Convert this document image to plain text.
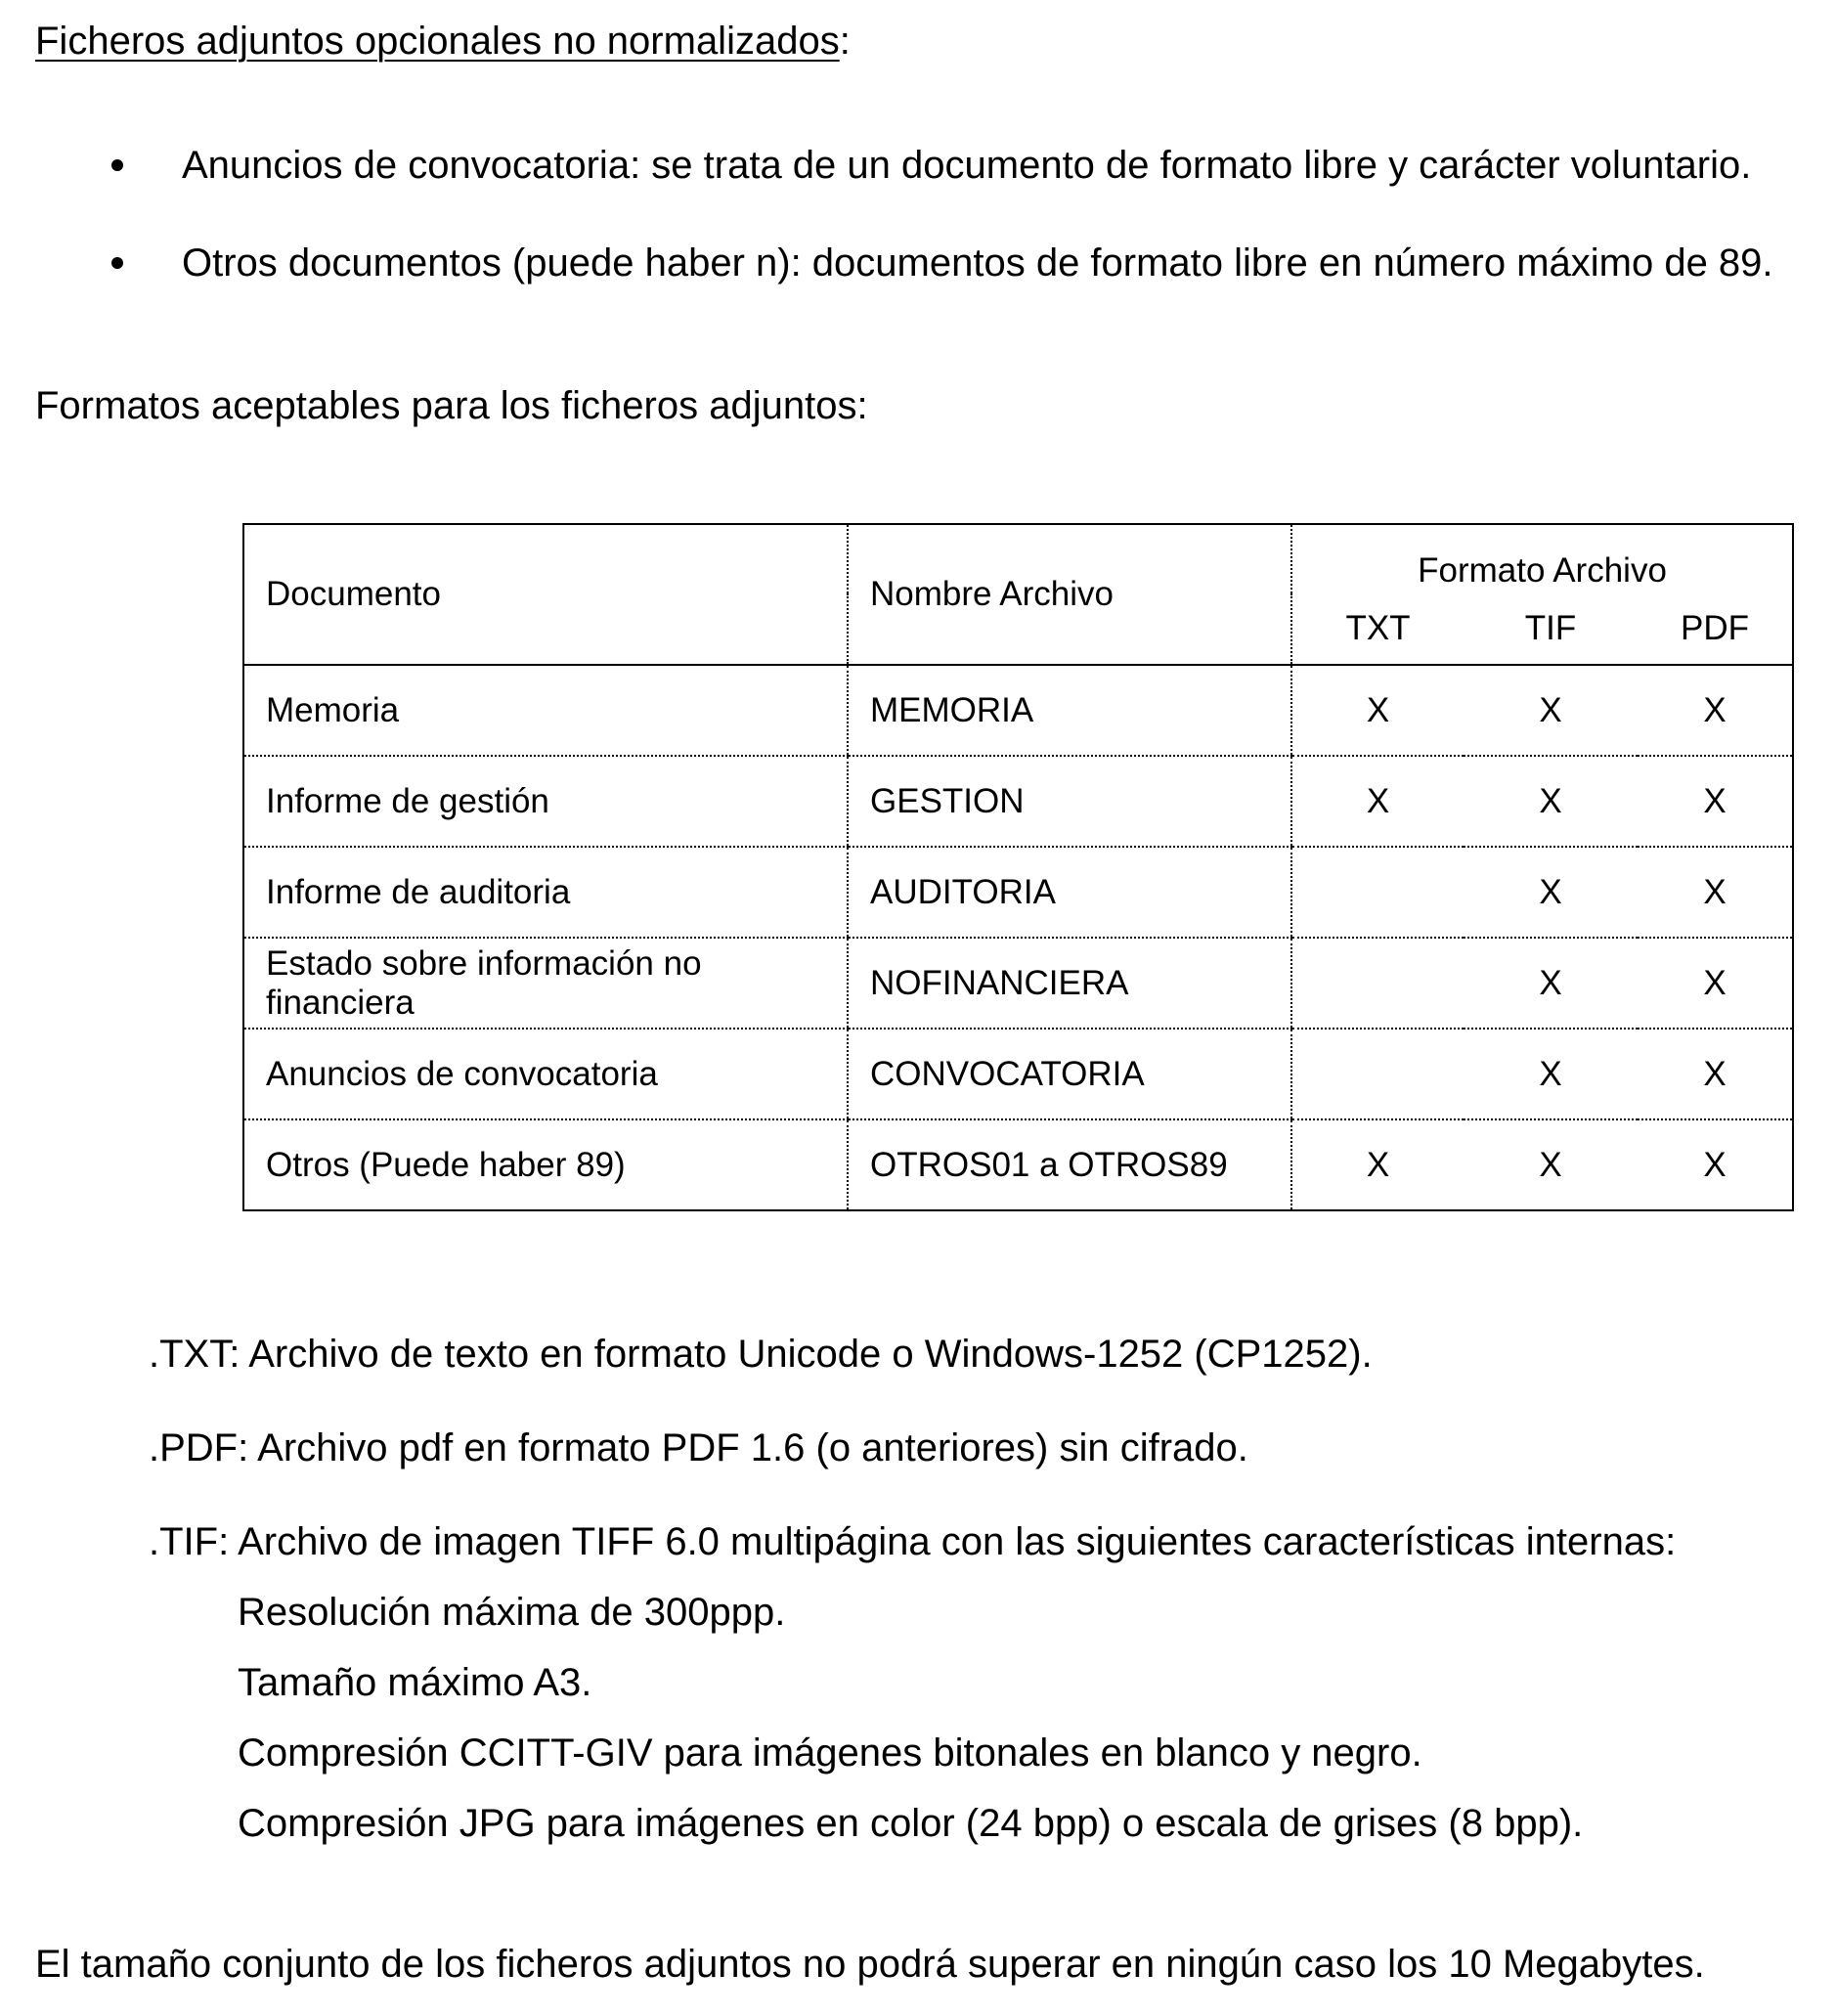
Ficheros adjuntos opcionales no normalizados:
Anuncios de convocatoria: se trata de un documento de formato libre y carácter voluntario.
Otros documentos (puede haber n): documentos de formato libre en número máximo de 89.
Formatos aceptables para los ficheros adjuntos:
Documento	Nombre Archivo	Formato Archivo		

		TXT	TIF	PDF

Memoria	MEMORIA	X	X	X

Informe de gestión	GESTION	X	X	X

Informe de auditoria	AUDITORIA		X	X

Estado sobre información no
financiera	NOFINANCIERA		X	X

Anuncios de convocatoria	CONVOCATORIA		X	X

Otros (Puede haber 89)	OTROS01 a OTROS89	X	X	X
.TXT: Archivo de texto en formato Unicode o Windows-1252 (CP1252).
.PDF: Archivo pdf en formato PDF 1.6 (o anteriores) sin cifrado.
.TIF: Archivo de imagen TIFF 6.0 multipágina con las siguientes características internas:
Resolución máxima de 300ppp.
Tamaño máximo A3.
Compresión CCITT-GIV para imágenes bitonales en blanco y negro.
Compresión JPG para imágenes en color (24 bpp) o escala de grises (8 bpp).
El tamaño conjunto de los ficheros adjuntos no podrá superar en ningún caso los 10 Megabytes.
